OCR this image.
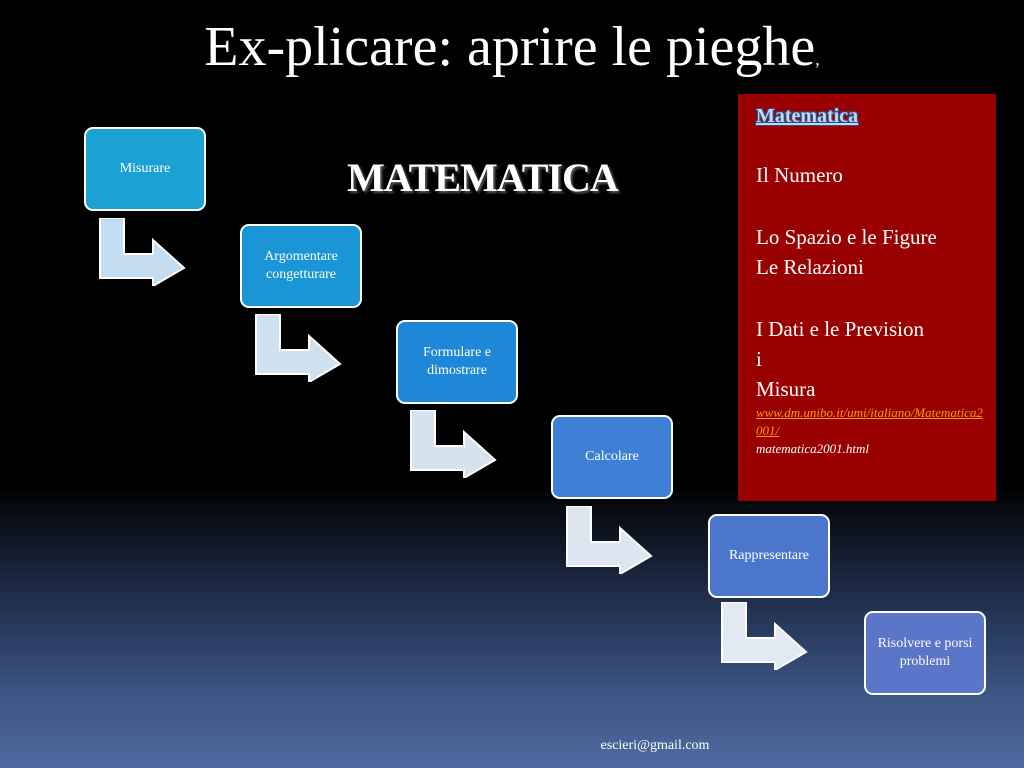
Ex-plicare: aprire le pieghe,
MATEMATICA
Misurare
Argomentare congetturare
Formulare e dimostrare
Calcolare
Rappresentare
Risolvere e porsi problemi
Matematica
Il Numero
Lo Spazio e le Figure
Le Relazioni
I Dati e le Prevision
i
Misura
www.dm.unibo.it/umi/italiano/Matematica2001/
matematica2001.html
escieri@gmail.com
